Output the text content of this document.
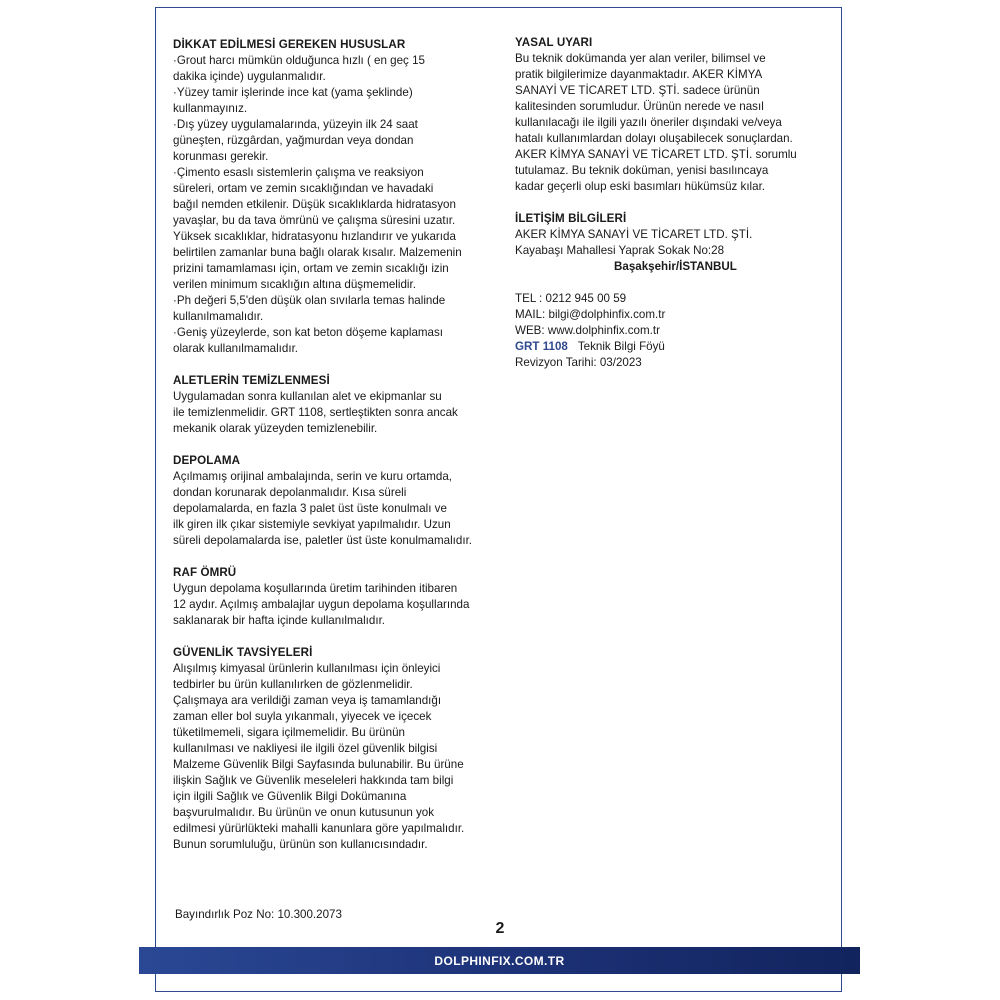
DİKKAT EDİLMESİ GEREKEN HUSUSLAR
·Grout harcı mümkün olduğunca hızlı ( en geç 15
dakika içinde) uygulanmalıdır.
·Yüzey tamir işlerinde ince kat (yama şeklinde)
kullanmayınız.
·Dış yüzey uygulamalarında, yüzeyin ilk 24 saat
güneşten, rüzgârdan, yağmurdan veya dondan
korunması gerekir.
·Çimento esaslı sistemlerin çalışma ve reaksiyon
süreleri, ortam ve zemin sıcaklığından ve havadaki
bağıl nemden etkilenir. Düşük sıcaklıklarda hidratasyon
yavaşlar, bu da tava ömrünü ve çalışma süresini uzatır.
Yüksek sıcaklıklar, hidratasyonu hızlandırır ve yukarıda
belirtilen zamanlar buna bağlı olarak kısalır. Malzemenin
prizini tamamlaması için, ortam ve zemin sıcaklığı izin
verilen minimum sıcaklığın altına düşmemelidir.
·Ph değeri 5,5'den düşük olan sıvılarla temas halinde
kullanılmamalıdır.
·Geniş yüzeylerde, son kat beton döşeme kaplaması
olarak kullanılmamalıdır.
ALETLERİN TEMİZLENMESİ
Uygulamadan sonra kullanılan alet ve ekipmanlar su
ile temizlenmelidir. GRT 1108, sertleştikten sonra ancak
mekanik olarak yüzeyden temizlenebilir.
DEPOLAMA
Açılmamış orijinal ambalajında, serin ve kuru ortamda,
dondan korunarak depolanmalıdır. Kısa süreli
depolamalarda, en fazla 3 palet üst üste konulmalı ve
ilk giren ilk çıkar sistemiyle sevkiyat yapılmalıdır. Uzun
süreli depolamalarda ise, paletler üst üste konulmamalıdır.
RAF ÖMRÜ
Uygun depolama koşullarında üretim tarihinden itibaren
12 aydır. Açılmış ambalajlar uygun depolama koşullarında
saklanarak bir hafta içinde kullanılmalıdır.
GÜVENLİK TAVSİYELERİ
Alışılmış kimyasal ürünlerin kullanılması için önleyici
tedbirler bu ürün kullanılırken de gözlenmelidir.
Çalışmaya ara verildiği zaman veya iş tamamlandığı
zaman eller bol suyla yıkanmalı, yiyecek ve içecek
tüketilmemeli, sigara içilmemelidir. Bu ürünün
kullanılması ve nakliyesi ile ilgili özel güvenlik bilgisi
Malzeme Güvenlik Bilgi Sayfasında bulunabilir. Bu ürüne
ilişkin Sağlık ve Güvenlik meseleleri hakkında tam bilgi
için ilgili Sağlık ve Güvenlik Bilgi Dokümanına
başvurulmalıdır. Bu ürünün ve onun kutusunun yok
edilmesi yürürlükteki mahalli kanunlara göre yapılmalıdır.
Bunun sorumluluğu, ürünün son kullanıcısındadır.
YASAL UYARI
Bu teknik dokümanda yer alan veriler, bilimsel ve
pratik bilgilerimize dayanmaktadır. AKER KİMYA
SANAYİ VE TİCARET LTD. ŞTİ. sadece ürünün
kalitesinden sorumludur. Ürünün nerede ve nasıl
kullanılacağı ile ilgili yazılı öneriler dışındaki ve/veya
hatalı kullanımlardan dolayı oluşabilecek sonuçlardan.
AKER KİMYA SANAYİ VE TİCARET LTD. ŞTİ. sorumlu
tutulamaz. Bu teknik doküman, yenisi basılıncaya
kadar geçerli olup eski basımları hükümsüz kılar.
İLETİŞİM BİLGİLERİ
AKER KİMYA SANAYİ VE TİCARET LTD. ŞTİ.
Kayabaşı Mahallesi Yaprak Sokak No:28
Başakşehir/İSTANBUL
TEL : 0212 945 00 59
MAIL: bilgi@dolphinfix.com.tr
WEB: www.dolphinfix.com.tr
GRT 1108 Teknik Bilgi Föyü
Revizyon Tarihi: 03/2023
Bayındırlık Poz No: 10.300.2073
2
DOLPHINFIX.COM.TR
